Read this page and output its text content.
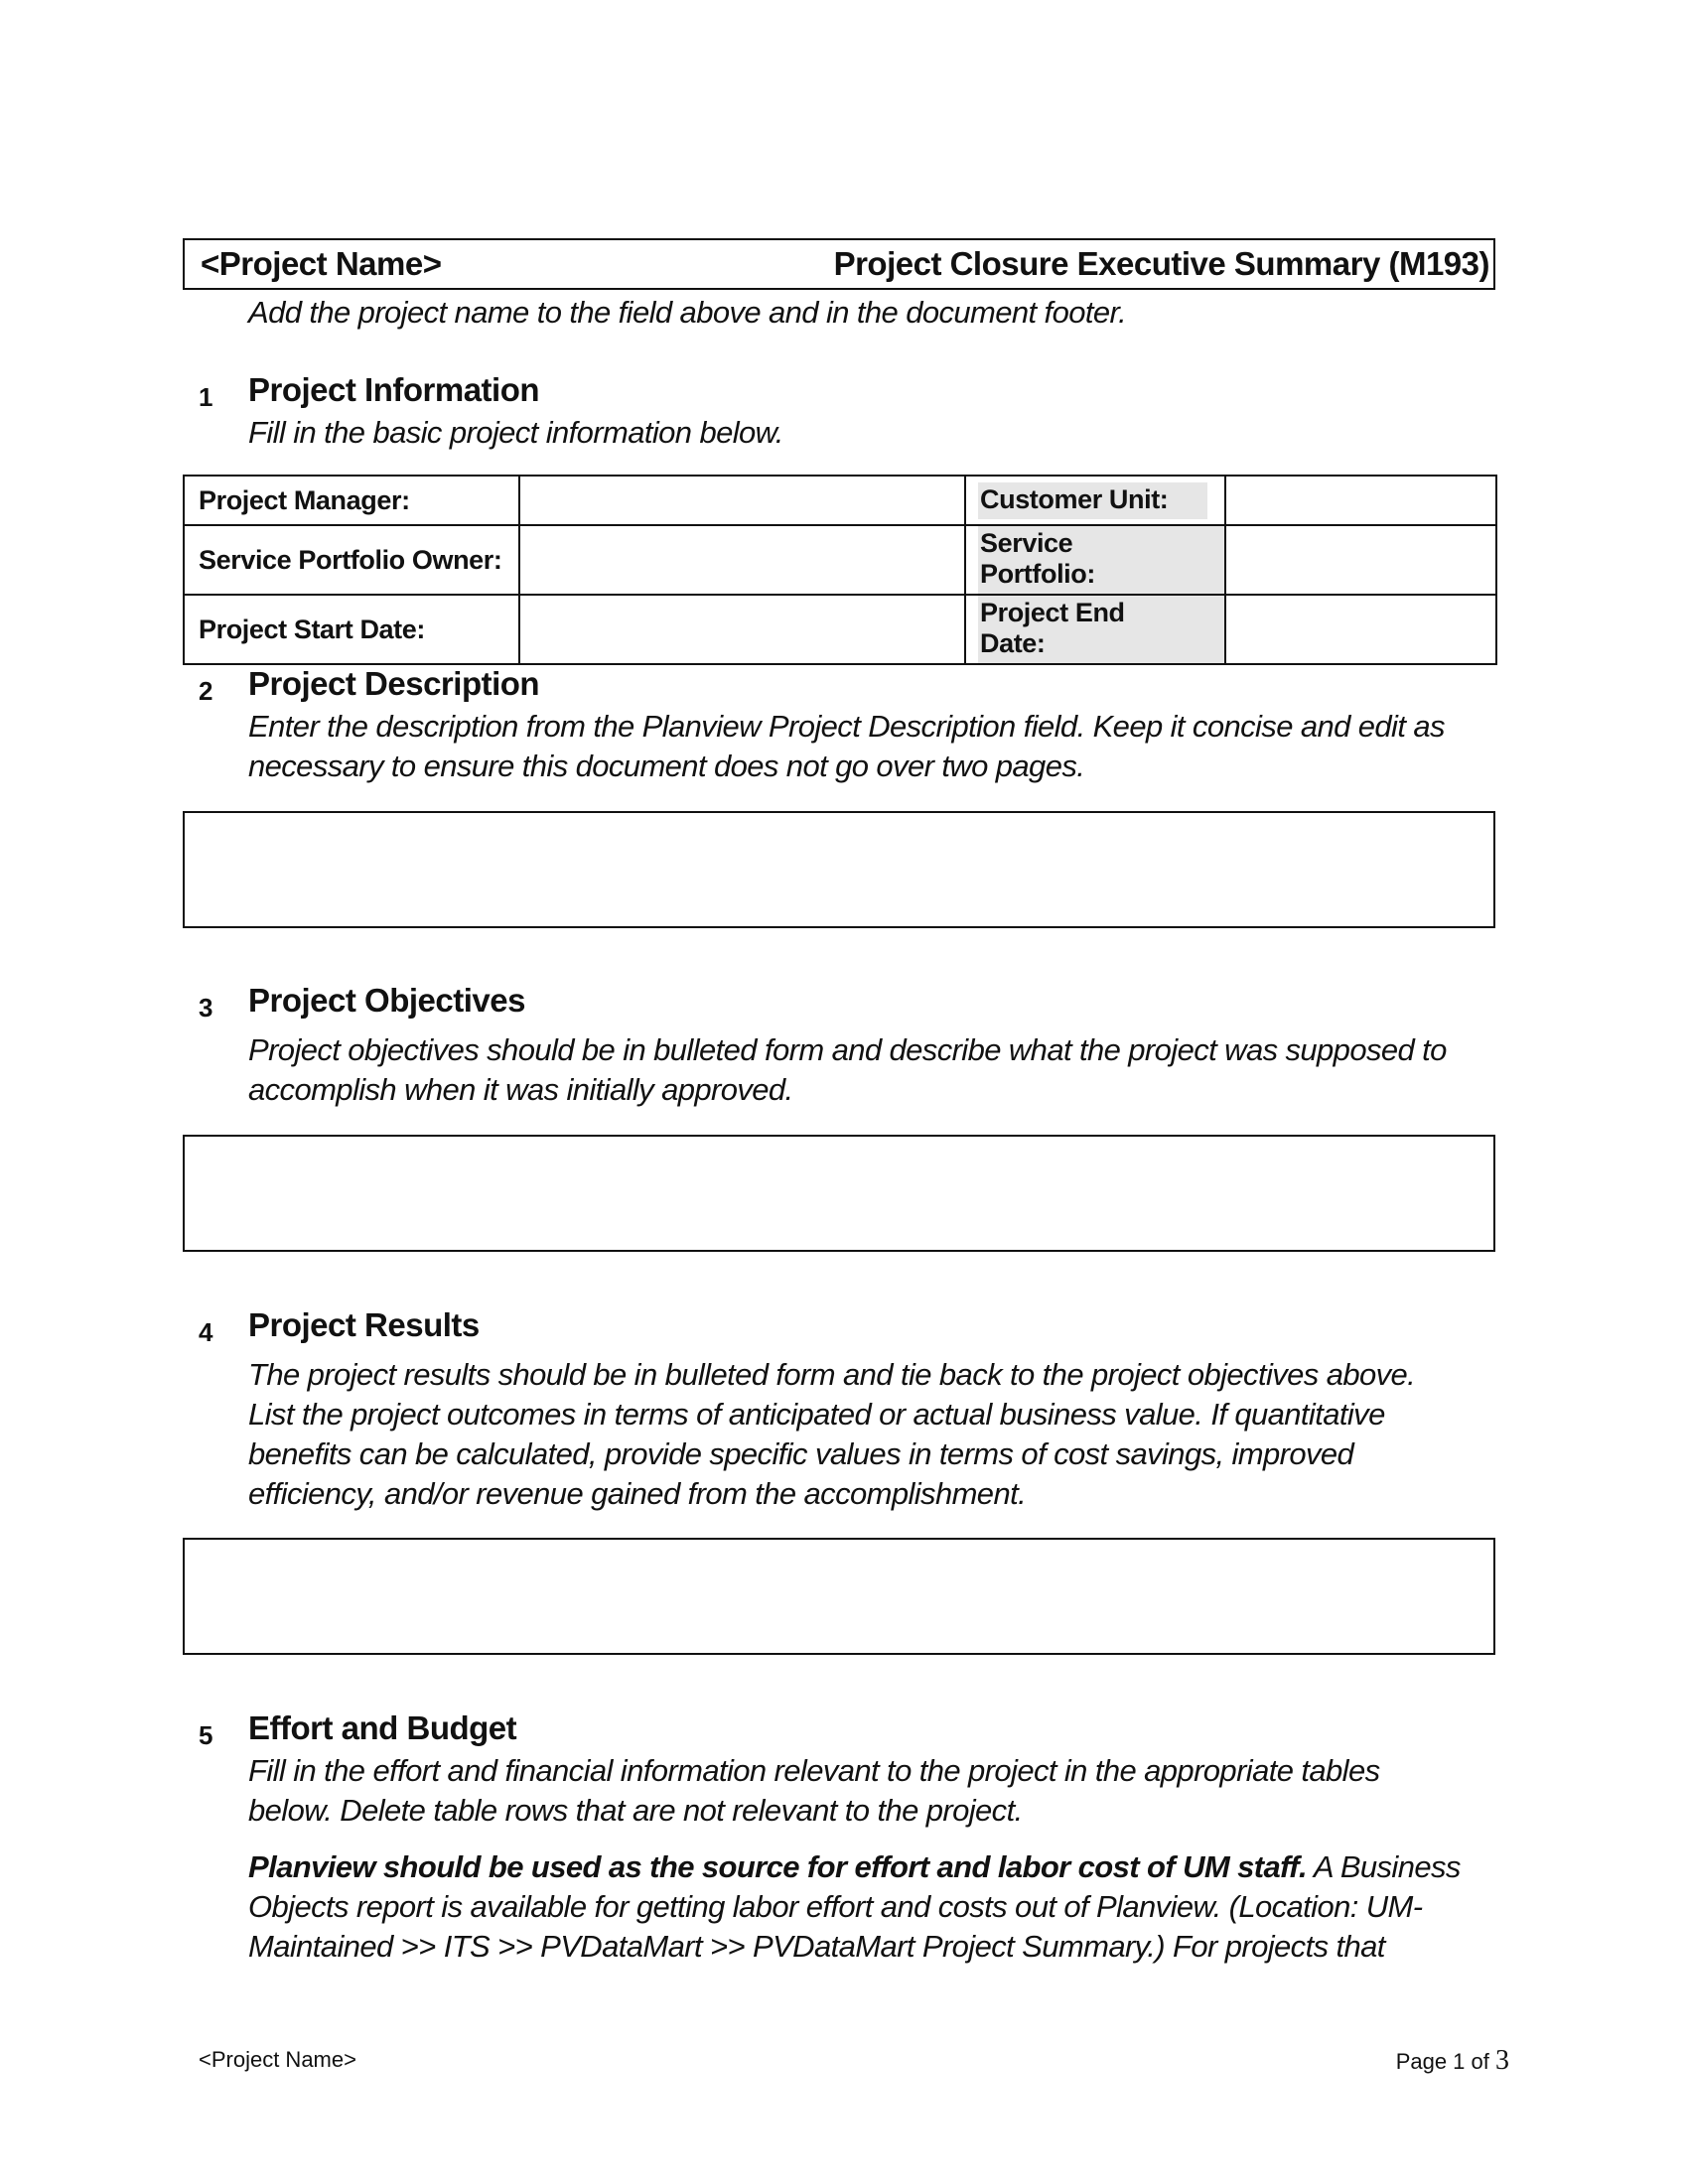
<Project Name>	Project Closure Executive Summary (M193)
Add the project name to the field above and in the document footer.
1 Project Information
Fill in the basic project information below.
Project Manager:		Customer Unit:	
Service Portfolio Owner:		Service Portfolio:	
Project Start Date:		Project End Date:	
2 Project Description
Enter the description from the Planview Project Description field. Keep it concise and edit as
necessary to ensure this document does not go over two pages.
3 Project Objectives
Project objectives should be in bulleted form and describe what the project was supposed to
accomplish when it was initially approved.
4 Project Results
The project results should be in bulleted form and tie back to the project objectives above.
List the project outcomes in terms of anticipated or actual business value. If quantitative
benefits can be calculated, provide specific values in terms of cost savings, improved
efficiency, and/or revenue gained from the accomplishment.
5 Effort and Budget
Fill in the effort and financial information relevant to the project in the appropriate tables
below. Delete table rows that are not relevant to the project.
Planview should be used as the source for effort and labor cost of UM staff. A Business
Objects report is available for getting labor effort and costs out of Planview. (Location: UM-
Maintained >> ITS >> PVDataMart >> PVDataMart Project Summary.) For projects that
<Project Name>	Page 1 of 3
